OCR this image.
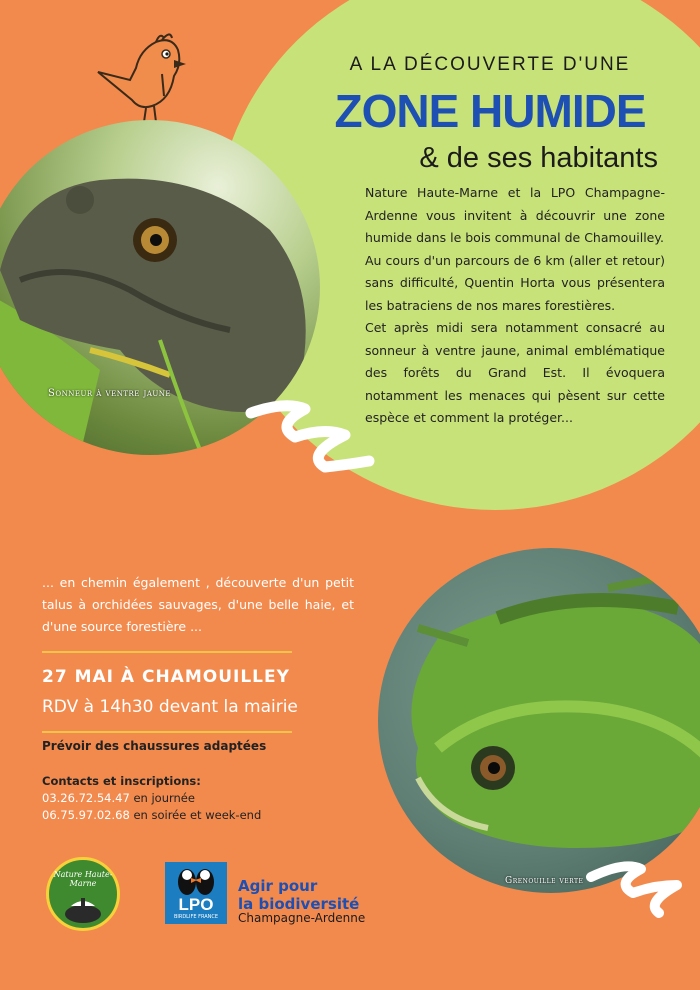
A LA DÉCOUVERTE D'UNE
ZONE HUMIDE
& de ses habitants

Nature Haute-Marne et la LPO Champagne-Ardenne vous invitent à découvrir une zone humide dans le bois communal de Chamouilley.

Au cours d'un parcours de 6 km (aller et retour) sans difficulté, Quentin Horta vous présentera les batraciens de nos mares forestières.

Cet après midi sera notamment consacré au sonneur à ventre jaune, animal emblématique des forêts du Grand Est. Il évoquera notamment les menaces qui pèsent sur cette espèce et comment la protéger...

Sonneur à ventre jaune
... en chemin également , découverte d'un petit talus à orchidées sauvages, d'une belle haie, et d'une source forestière ...
27 MAI À CHAMOUILLEY
RDV à 14h30 devant la mairie
Prévoir des chaussures adaptées
Contacts et inscriptions:
03.26.72.54.47 en journée
06.75.97.02.68 en soirée et week-end
Grenouille verte
Nature Haute-Marne
LPO
BIRDLIFE FRANCE
Agir pour
la biodiversité
Champagne-Ardenne
